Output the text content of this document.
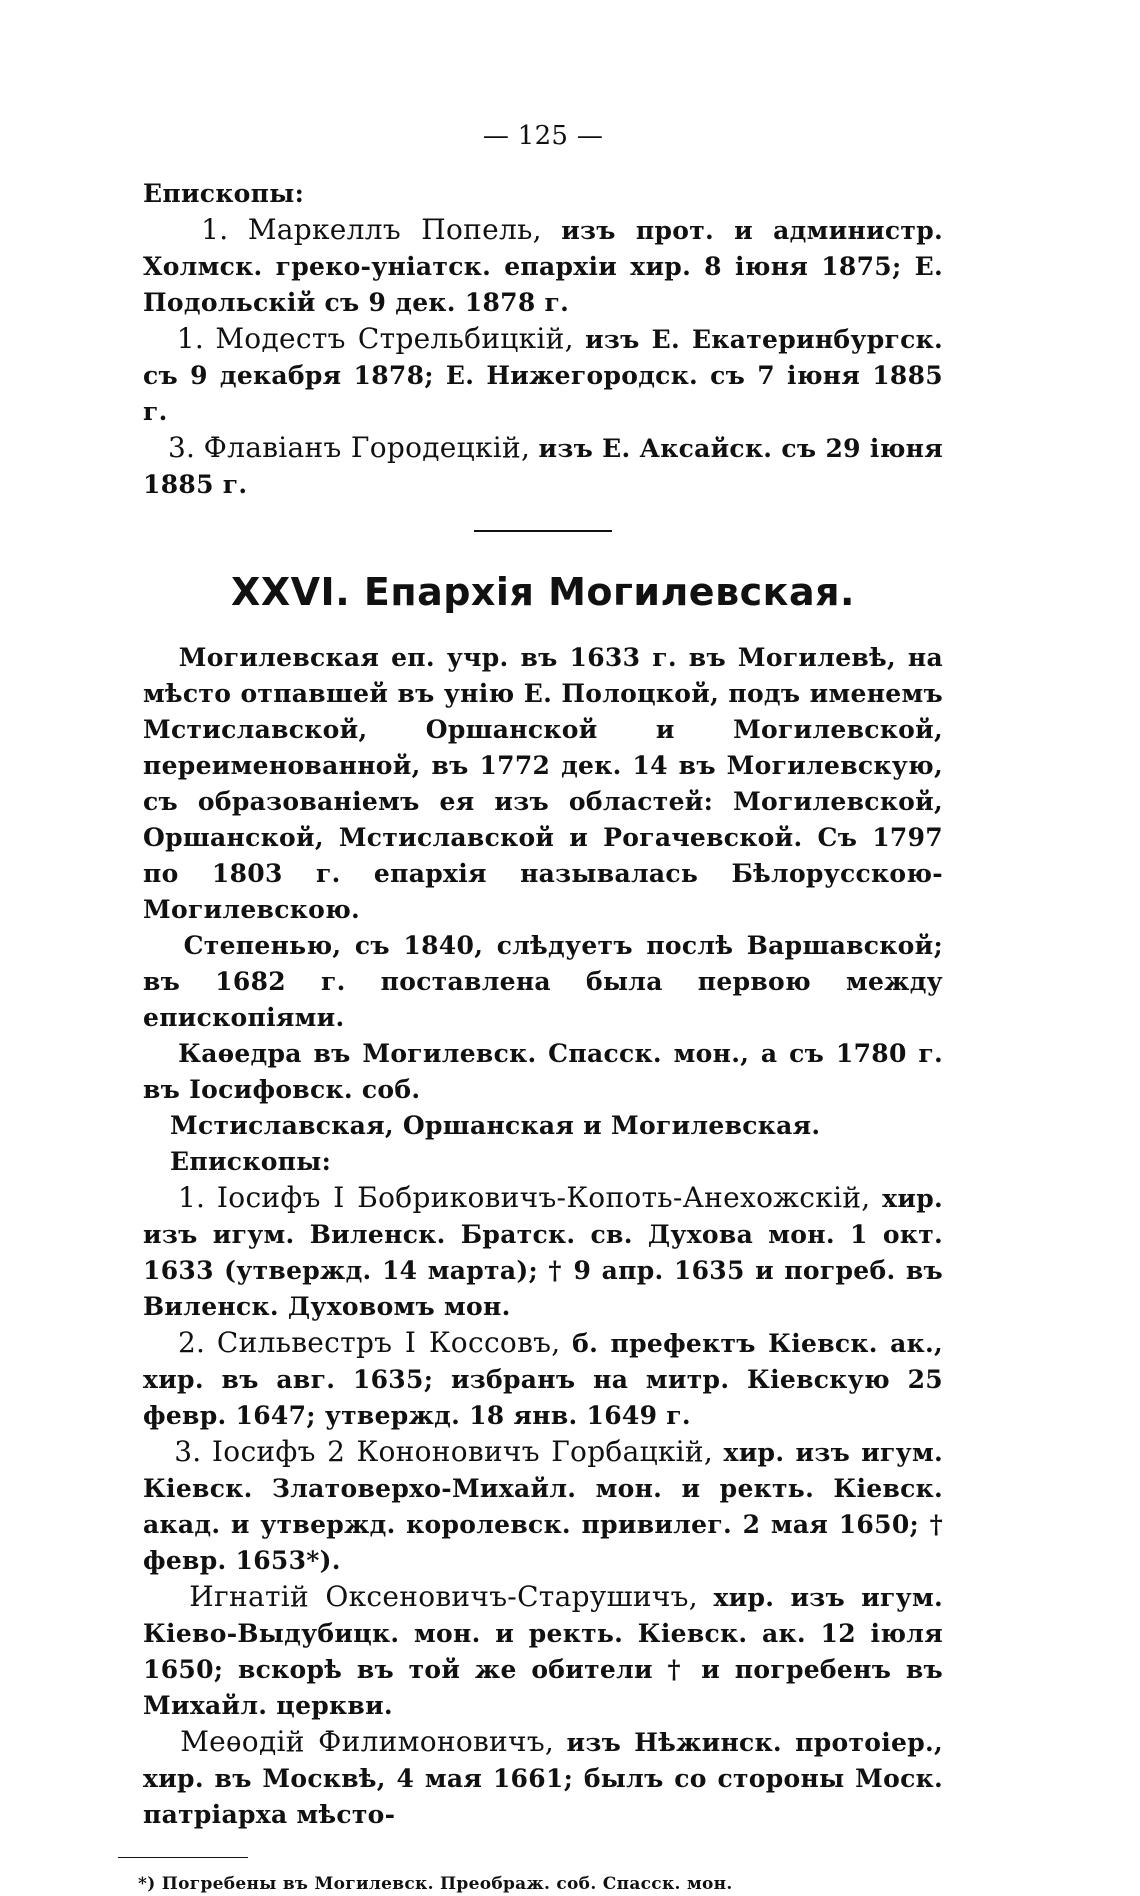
— 125 —
Епископы:
1. Маркеллъ Попель, изъ прот. и администр. Холмск. греко-уніатск. епархіи хир. 8 іюня 1875; Е. Подольскій съ 9 дек. 1878 г.
1. Модестъ Стрельбицкій, изъ Е. Екатеринбургск. съ 9 декабря 1878; Е. Нижегородск. съ 7 іюня 1885 г.
3. Флавіанъ Городецкій, изъ Е. Аксайск. съ 29 іюня 1885 г.
XXVI. Епархія Могилевская.
Могилевская еп. учр. въ 1633 г. въ Могилевѣ, на мѣсто отпавшей въ унію Е. Полоцкой, подъ именемъ Мстиславской, Оршанской и Могилевской, переименованной, въ 1772 дек. 14 въ Могилевскую, съ образованіемъ ея изъ областей: Могилевской, Оршанской, Мстиславской и Рогачевской. Съ 1797 по 1803 г. епархія называлась Бѣлорусскою-Могилевскою.
Степенью, съ 1840, слѣдуетъ послѣ Варшавской; въ 1682 г. поставлена была первою между епископіями.
Каѳедра въ Могилевск. Спасск. мон., а съ 1780 г. въ Іосифовск. соб.
Мстиславская, Оршанская и Могилевская.
Епископы:
1. Іосифъ I Бобриковичъ-Копоть-Анехожскій, хир. изъ игум. Виленск. Братск. св. Духова мон. 1 окт. 1633 (утвержд. 14 марта); † 9 апр. 1635 и погреб. въ Виленск. Духовомъ мон.
2. Сильвестръ I Коссовъ, б. префектъ Кіевск. ак., хир. въ авг. 1635; избранъ на митр. Кіевскую 25 февр. 1647; утвержд. 18 янв. 1649 г.
3. Іосифъ 2 Кононовичъ Горбацкій, хир. изъ игум. Кіевск. Златоверхо-Михайл. мон. и ректь. Кіевск. акад. и утвержд. королевск. привилег. 2 мая 1650; † февр. 1653*).
Игнатій Оксеновичъ-Старушичъ, хир. изъ игум. Кіево-Выдубицк. мон. и ректь. Кіевск. ак. 12 іюля 1650; вскорѣ въ той же обители † и погребенъ въ Михайл. церкви.
Меѳодій Филимоновичъ, изъ Нѣжинск. протоіер., хир. въ Москвѣ, 4 мая 1661; былъ со стороны Моск. патріарха мѣсто-
*) Погребены въ Могилевск. Преображ. соб. Спасск. мон.
